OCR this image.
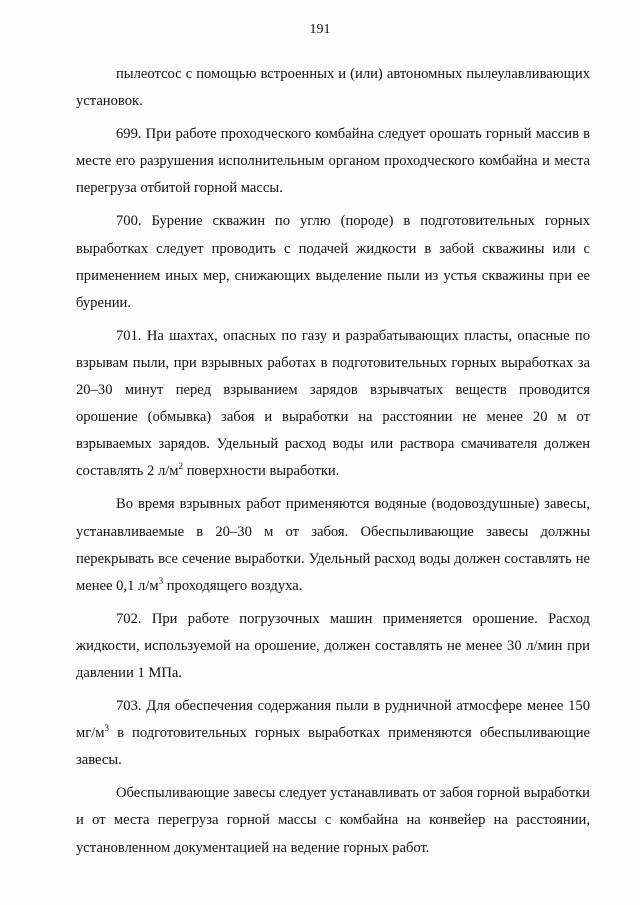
191

пылеотсос с помощью встроенных и (или) автономных пылеулавливающих установок.

699. При работе проходческого комбайна следует орошать горный массив в месте его разрушения исполнительным органом проходческого комбайна и места перегруза отбитой горной массы.

700. Бурение скважин по углю (породе) в подготовительных горных выработках следует проводить с подачей жидкости в забой скважины или с применением иных мер, снижающих выделение пыли из устья скважины при ее бурении.

701. На шахтах, опасных по газу и разрабатывающих пласты, опасные по взрывам пыли, при взрывных работах в подготовительных горных выработках за 20–30 минут перед взрыванием зарядов взрывчатых веществ проводится орошение (обмывка) забоя и выработки на расстоянии не менее 20 м от взрываемых зарядов. Удельный расход воды или раствора смачивателя должен составлять 2 $л/м^2$ поверхности выработки.

Во время взрывных работ применяются водяные (водовоздушные) завесы, устанавливаемые в 20–30 м от забоя. Обеспыливающие завесы должны перекрывать все сечение выработки. Удельный расход воды должен составлять не менее 0,1 $л/м^3$ проходящего воздуха.

702. При работе погрузочных машин применяется орошение. Расход жидкости, используемой на орошение, должен составлять не менее 30 л/мин при давлении 1 МПа.

703. Для обеспечения содержания пыли в рудничной атмосфере менее 150 $мг/м^3$ в подготовительных горных выработках применяются обеспыливающие завесы.

Обеспыливающие завесы следует устанавливать от забоя горной выработки и от места перегруза горной массы с комбайна на конвейер на расстоянии, установленном документацией на ведение горных работ.
